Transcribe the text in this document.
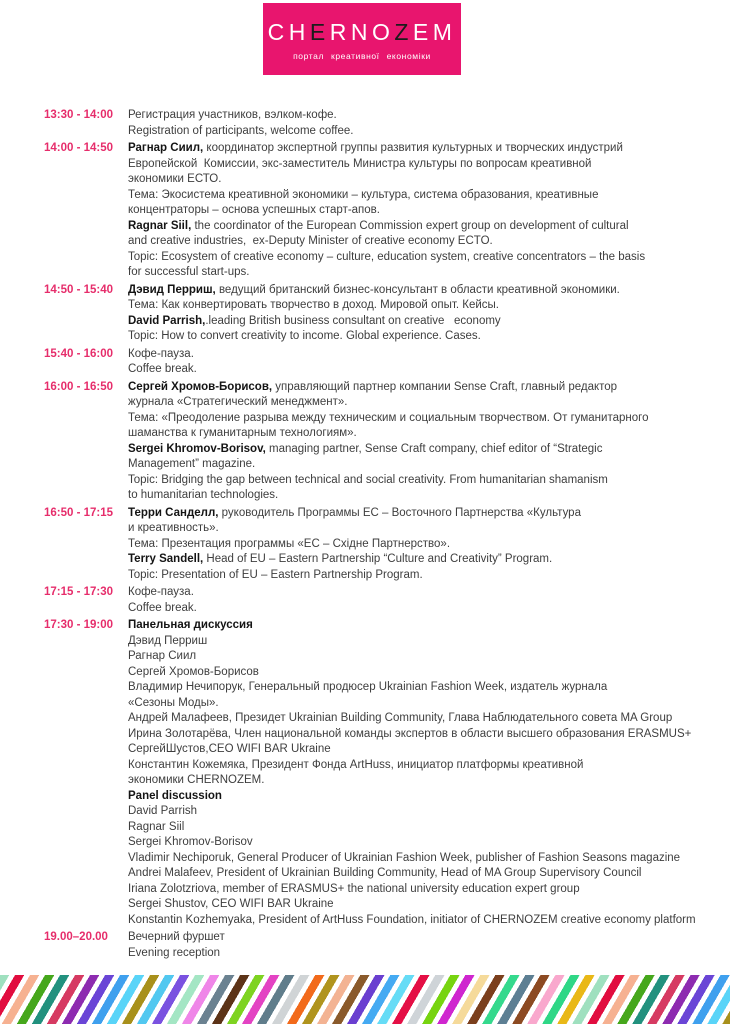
CHERNOZEM
портал креативної економіки
13:30 - 14:00	Регистрация участников, вэлком-кофе.
Registration of participants, welcome coffee.
14:00 - 14:50	Рагнар Сиил, координатор экспертной группы развития культурных и творческих индустрий
Европейской  Комиссии, экс-заместитель Министра культуры по вопросам креативной
экономики ЕСТО.
Тема: Экосистема креативной экономики – культура, система образования, креативные
концентраторы – основа успешных старт-апов.
Ragnar Siil, the coordinator of the European Commission expert group on development of cultural
and creative industries,  ex-Deputy Minister of creative economy ECTO.
Topic: Ecosystem of creative economy – culture, education system, creative concentrators – the basis
for successful start-ups.
14:50 - 15:40	Дэвид Перриш, ведущий британский бизнес-консультант в области креативной экономики.
Тема: Как конвертировать творчество в доход. Мировой опыт. Кейсы.
David Parrish,.leading British business consultant on creative   economy
Topic: How to convert creativity to income. Global experience. Cases.
15:40 - 16:00	Кофе-пауза.
Coffee break.
16:00 - 16:50	Сергей Хромов-Борисов, управляющий партнер компании Sense Craft, главный редактор
журнала «Стратегический менеджмент».
Тема: «Преодоление разрыва между техническим и социальным творчеством. От гуманитарного
шаманства к гуманитарным технологиям».
Sergei Khromov-Borisov, managing partner, Sense Craft company, chief editor of “Strategic
Management” magazine.
Topic: Bridging the gap between technical and social creativity. From humanitarian shamanism
to humanitarian technologies.
16:50 - 17:15	Терри Санделл, руководитель Программы ЕС – Восточного Партнерства «Культура
и креативность».
Тема: Презентация программы «ЕС – Східне Партнерство».
Terry Sandell, Head of EU – Eastern Partnership “Culture and Creativity” Program.
Topic: Presentation of EU – Eastern Partnership Program.
17:15 - 17:30	Кофе-пауза.
Coffee break.
17:30 - 19:00	Панельная дискуссия
Дэвид Перриш
Рагнар Сиил
Сергей Хромов-Борисов
Владимир Нечипорук, Генеральный продюсер Ukrainian Fashion Week, издатель журнала
«Сезоны Моды».
Андрей Малафеев, Президет Ukrainian Building Community, Глава Наблюдательного совета MA Group
Ирина Золотарёва, Член национальной команды экспертов в области высшего образования ERASMUS+
СергейШустов,CEO WIFI BAR Ukraine
Константин Кожемяка, Президент Фонда ArtHuss, инициатор платформы креативной
экономики CHERNOZEM.
Panel discussion
David Parrish
Ragnar Siil
Sergei Khromov-Borisov
Vladimir Nechiporuk, General Producer of Ukrainian Fashion Week, publisher of Fashion Seasons magazine
Andrei Malafeev, President of Ukrainian Building Community, Head of MA Group Supervisory Council
Iriana Zolotzriova, member of ERASMUS+ the national university education expert group
Sergei Shustov, CEO WIFI BAR Ukraine
Konstantin Kozhemyaka, President of ArtHuss Foundation, initiator of CHERNOZEM creative economy platform
19.00–20.00	Вечерний фуршет
Evening reception
